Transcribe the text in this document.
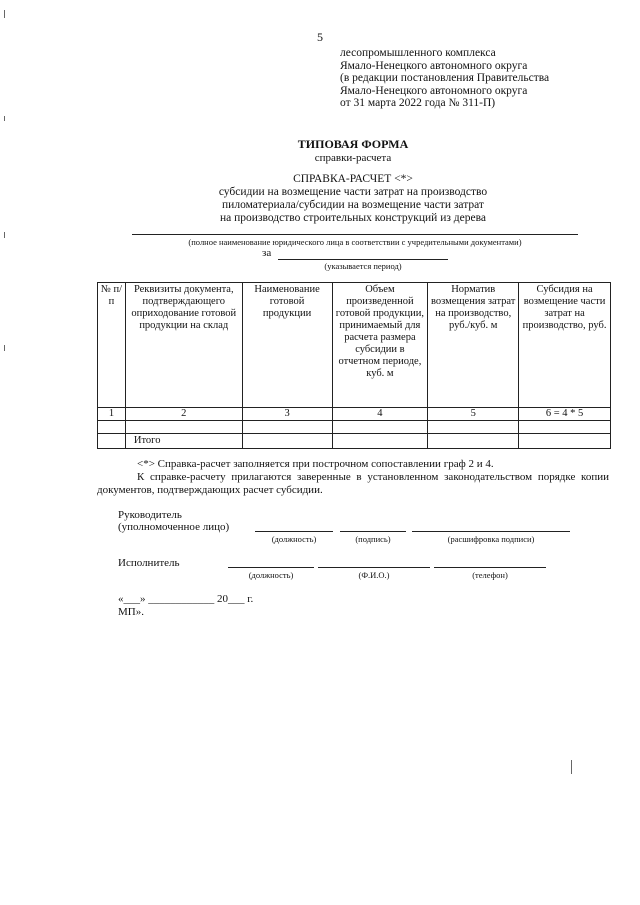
5
лесопромышленного комплекса
Ямало-Ненецкого автономного округа
(в редакции постановления Правительства
Ямало-Ненецкого автономного округа
от 31 марта 2022 года № 311-П)
ТИПОВАЯ ФОРМА
справки-расчета
СПРАВКА-РАСЧЕТ <*>
субсидии на возмещение части затрат на производство
пиломатериала/субсидии на возмещение части затрат
на производство строительных конструкций из дерева
(полное наименование юридического лица в соответствии с учредительными документами)
за
(указывается период)
№ п/п	Реквизиты документа, подтверждающего оприходование готовой продукции на склад	Наименование готовой продукции	Объем произведенной готовой продукции, принимаемый для расчета размера субсидии в отчетном периоде, куб. м	Норматив возмещения затрат на производство, руб./куб. м	Субсидия на возмещение части затрат на производство, руб.
1	2	3	4	5	6 = 4 * 5

	Итого				

<*> Справка-расчет заполняется при построчном сопоставлении граф 2 и 4.

К справке-расчету прилагаются заверенные в установленном законодательством порядке копии документов, подтверждающих расчет субсидии.

Руководитель
(уполномоченное лицо)
(должность)	(подпись)	(расшифровка подписи)
Исполнитель
(должность)	(Ф.И.О.)	(телефон)
«___» ____________ 20___ г.
МП».
